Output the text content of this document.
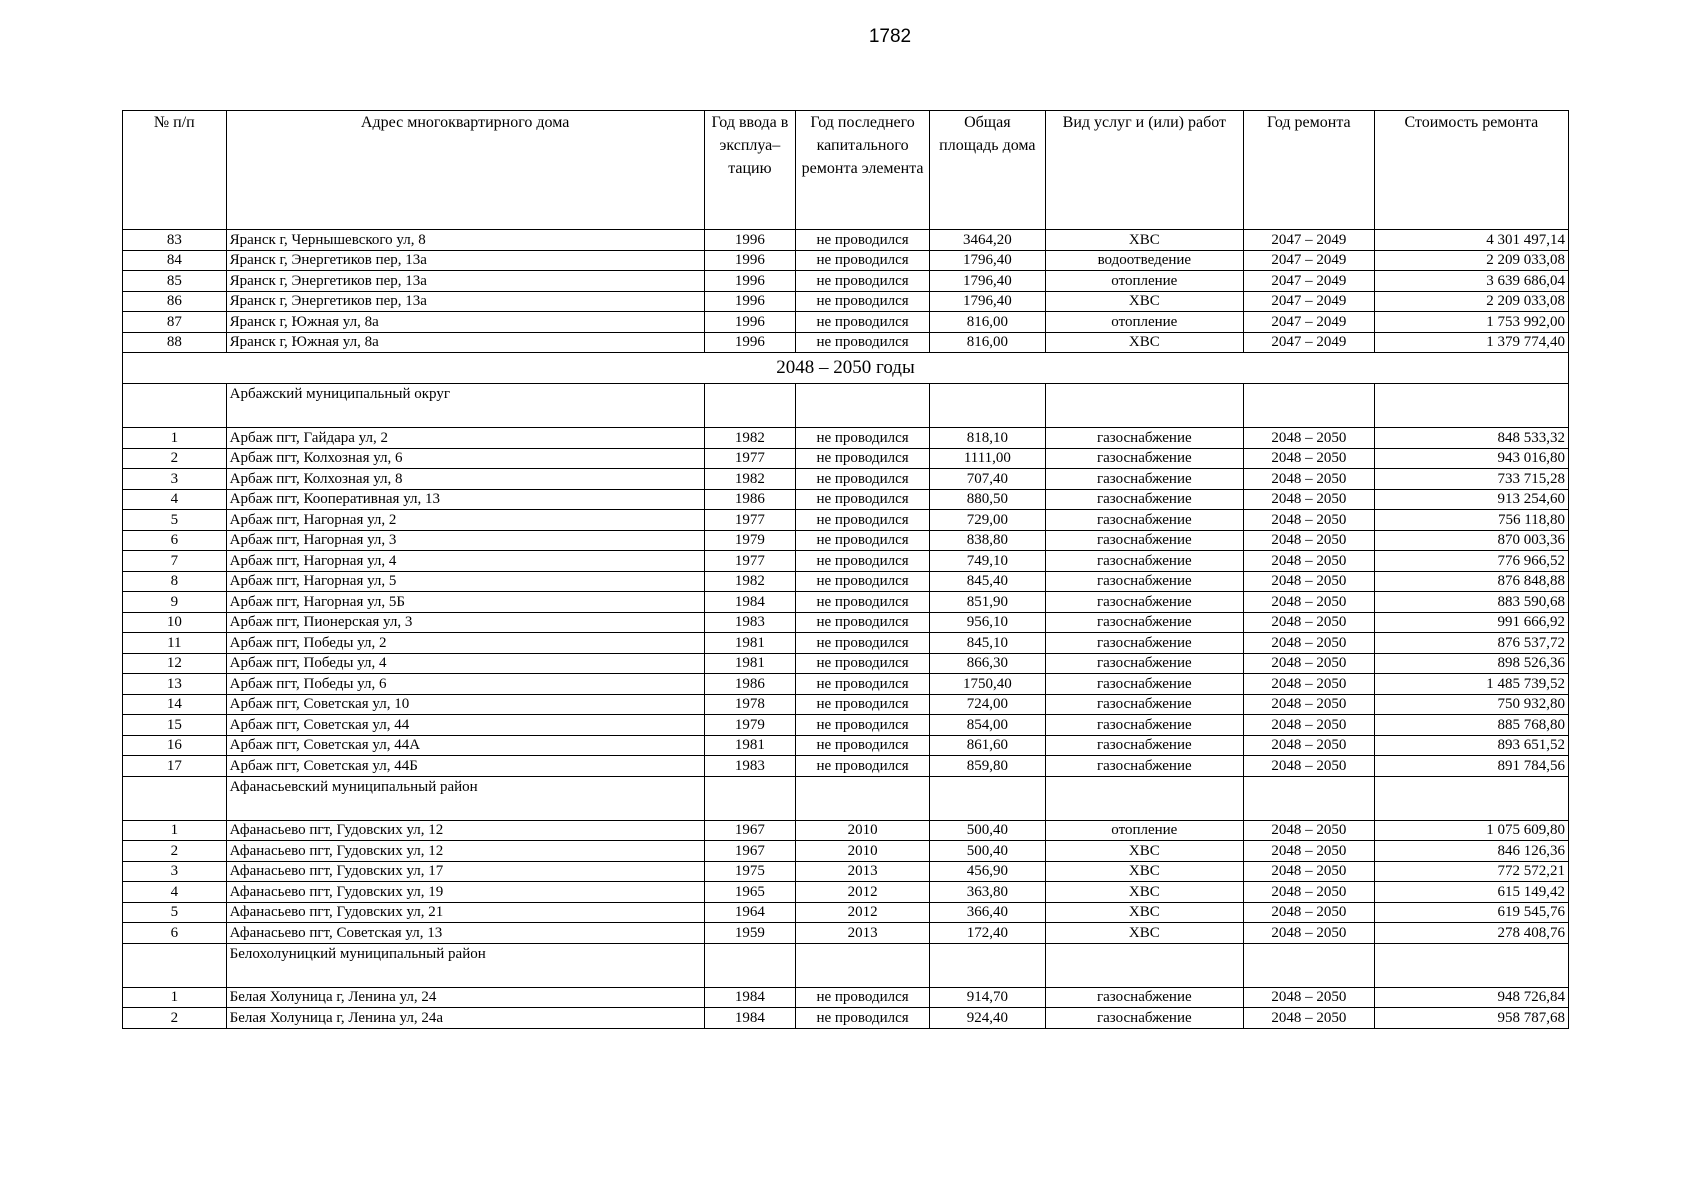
1782
№ п/п	Адрес многоквартирного дома	Год ввода в эксплуа–тацию	Год последнего капитального ремонта элемента	Общая площадь дома	Вид услуг и (или) работ	Год ремонта	Стоимость ремонта
83	Яранск г, Чернышевского ул, 8	1996	не проводился	3464,20	ХВС	2047 – 2049	4 301 497,14
84	Яранск г, Энергетиков пер, 13а	1996	не проводился	1796,40	водоотведение	2047 – 2049	2 209 033,08
85	Яранск г, Энергетиков пер, 13а	1996	не проводился	1796,40	отопление	2047 – 2049	3 639 686,04
86	Яранск г, Энергетиков пер, 13а	1996	не проводился	1796,40	ХВС	2047 – 2049	2 209 033,08
87	Яранск г, Южная ул, 8а	1996	не проводился	816,00	отопление	2047 – 2049	1 753 992,00
88	Яранск г, Южная ул, 8а	1996	не проводился	816,00	ХВС	2047 – 2049	1 379 774,40
2048 – 2050 годы							
	Арбажский муниципальный округ						
1	Арбаж пгт, Гайдара ул, 2	1982	не проводился	818,10	газоснабжение	2048 – 2050	848 533,32
2	Арбаж пгт, Колхозная ул, 6	1977	не проводился	1111,00	газоснабжение	2048 – 2050	943 016,80
3	Арбаж пгт, Колхозная ул, 8	1982	не проводился	707,40	газоснабжение	2048 – 2050	733 715,28
4	Арбаж пгт, Кооперативная ул, 13	1986	не проводился	880,50	газоснабжение	2048 – 2050	913 254,60
5	Арбаж пгт, Нагорная ул, 2	1977	не проводился	729,00	газоснабжение	2048 – 2050	756 118,80
6	Арбаж пгт, Нагорная ул, 3	1979	не проводился	838,80	газоснабжение	2048 – 2050	870 003,36
7	Арбаж пгт, Нагорная ул, 4	1977	не проводился	749,10	газоснабжение	2048 – 2050	776 966,52
8	Арбаж пгт, Нагорная ул, 5	1982	не проводился	845,40	газоснабжение	2048 – 2050	876 848,88
9	Арбаж пгт, Нагорная ул, 5Б	1984	не проводился	851,90	газоснабжение	2048 – 2050	883 590,68
10	Арбаж пгт, Пионерская ул, 3	1983	не проводился	956,10	газоснабжение	2048 – 2050	991 666,92
11	Арбаж пгт, Победы ул, 2	1981	не проводился	845,10	газоснабжение	2048 – 2050	876 537,72
12	Арбаж пгт, Победы ул, 4	1981	не проводился	866,30	газоснабжение	2048 – 2050	898 526,36
13	Арбаж пгт, Победы ул, 6	1986	не проводился	1750,40	газоснабжение	2048 – 2050	1 485 739,52
14	Арбаж пгт, Советская ул, 10	1978	не проводился	724,00	газоснабжение	2048 – 2050	750 932,80
15	Арбаж пгт, Советская ул, 44	1979	не проводился	854,00	газоснабжение	2048 – 2050	885 768,80
16	Арбаж пгт, Советская ул, 44А	1981	не проводился	861,60	газоснабжение	2048 – 2050	893 651,52
17	Арбаж пгт, Советская ул, 44Б	1983	не проводился	859,80	газоснабжение	2048 – 2050	891 784,56
	Афанасьевский муниципальный район						
1	Афанасьево пгт, Гудовских ул, 12	1967	2010	500,40	отопление	2048 – 2050	1 075 609,80
2	Афанасьево пгт, Гудовских ул, 12	1967	2010	500,40	ХВС	2048 – 2050	846 126,36
3	Афанасьево пгт, Гудовских ул, 17	1975	2013	456,90	ХВС	2048 – 2050	772 572,21
4	Афанасьево пгт, Гудовских ул, 19	1965	2012	363,80	ХВС	2048 – 2050	615 149,42
5	Афанасьево пгт, Гудовских ул, 21	1964	2012	366,40	ХВС	2048 – 2050	619 545,76
6	Афанасьево пгт, Советская ул, 13	1959	2013	172,40	ХВС	2048 – 2050	278 408,76
	Белохолуницкий муниципальный район						
1	Белая Холуница г, Ленина ул, 24	1984	не проводился	914,70	газоснабжение	2048 – 2050	948 726,84
2	Белая Холуница г, Ленина ул, 24а	1984	не проводился	924,40	газоснабжение	2048 – 2050	958 787,68
